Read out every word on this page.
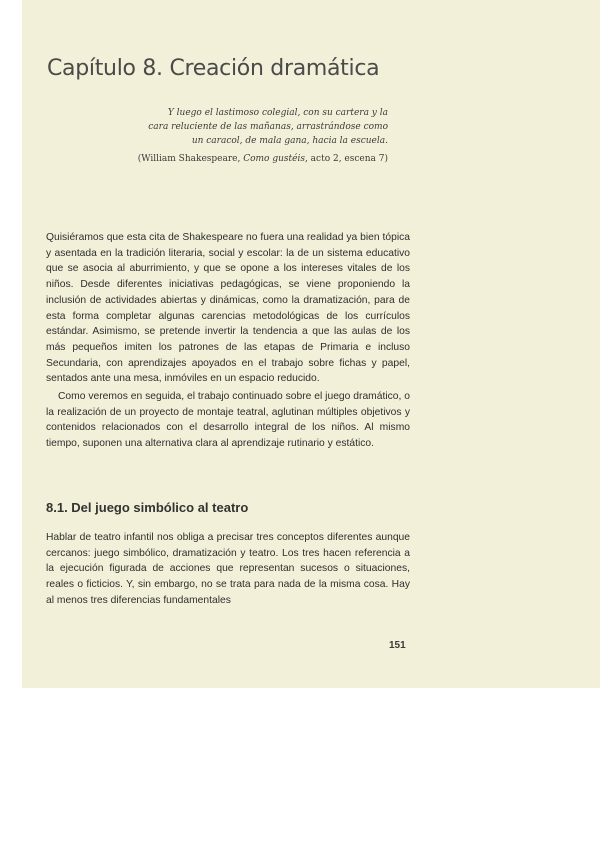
Capítulo 8. Creación dramática
Y luego el lastimoso colegial, con su cartera y la
cara reluciente de las mañanas, arrastrándose como
un caracol, de mala gana, hacia la escuela.
(William Shakespeare, Como gustéis, acto 2, escena 7)

Quisiéramos que esta cita de Shakespeare no fuera una realidad ya bien tópica y asentada en la tradición literaria, social y escolar: la de un sistema educativo que se asocia al aburrimiento, y que se opone a los intereses vitales de los niños. Desde diferentes iniciativas pedagógicas, se viene proponiendo la inclusión de actividades abiertas y dinámicas, como la dramatización, para de esta forma completar algunas carencias metodológicas de los currículos estándar. Asimismo, se pretende invertir la tendencia a que las aulas de los más pequeños imiten los patrones de las etapas de Primaria e incluso Secundaria, con aprendizajes apoyados en el trabajo sobre fichas y papel, sentados ante una mesa, inmóviles en un espacio reducido.

Como veremos en seguida, el trabajo continuado sobre el juego dramático, o la realización de un proyecto de montaje teatral, aglutinan múltiples objetivos y contenidos relacionados con el desarrollo integral de los niños. Al mismo tiempo, suponen una alternativa clara al aprendizaje rutinario y estático.

8.1. Del juego simbólico al teatro

Hablar de teatro infantil nos obliga a precisar tres conceptos diferentes aunque cercanos: juego simbólico, dramatización y teatro. Los tres hacen referencia a la ejecución figurada de acciones que representan sucesos o situaciones, reales o ficticios. Y, sin embargo, no se trata para nada de la misma cosa. Hay al menos tres diferencias fundamentales

151
